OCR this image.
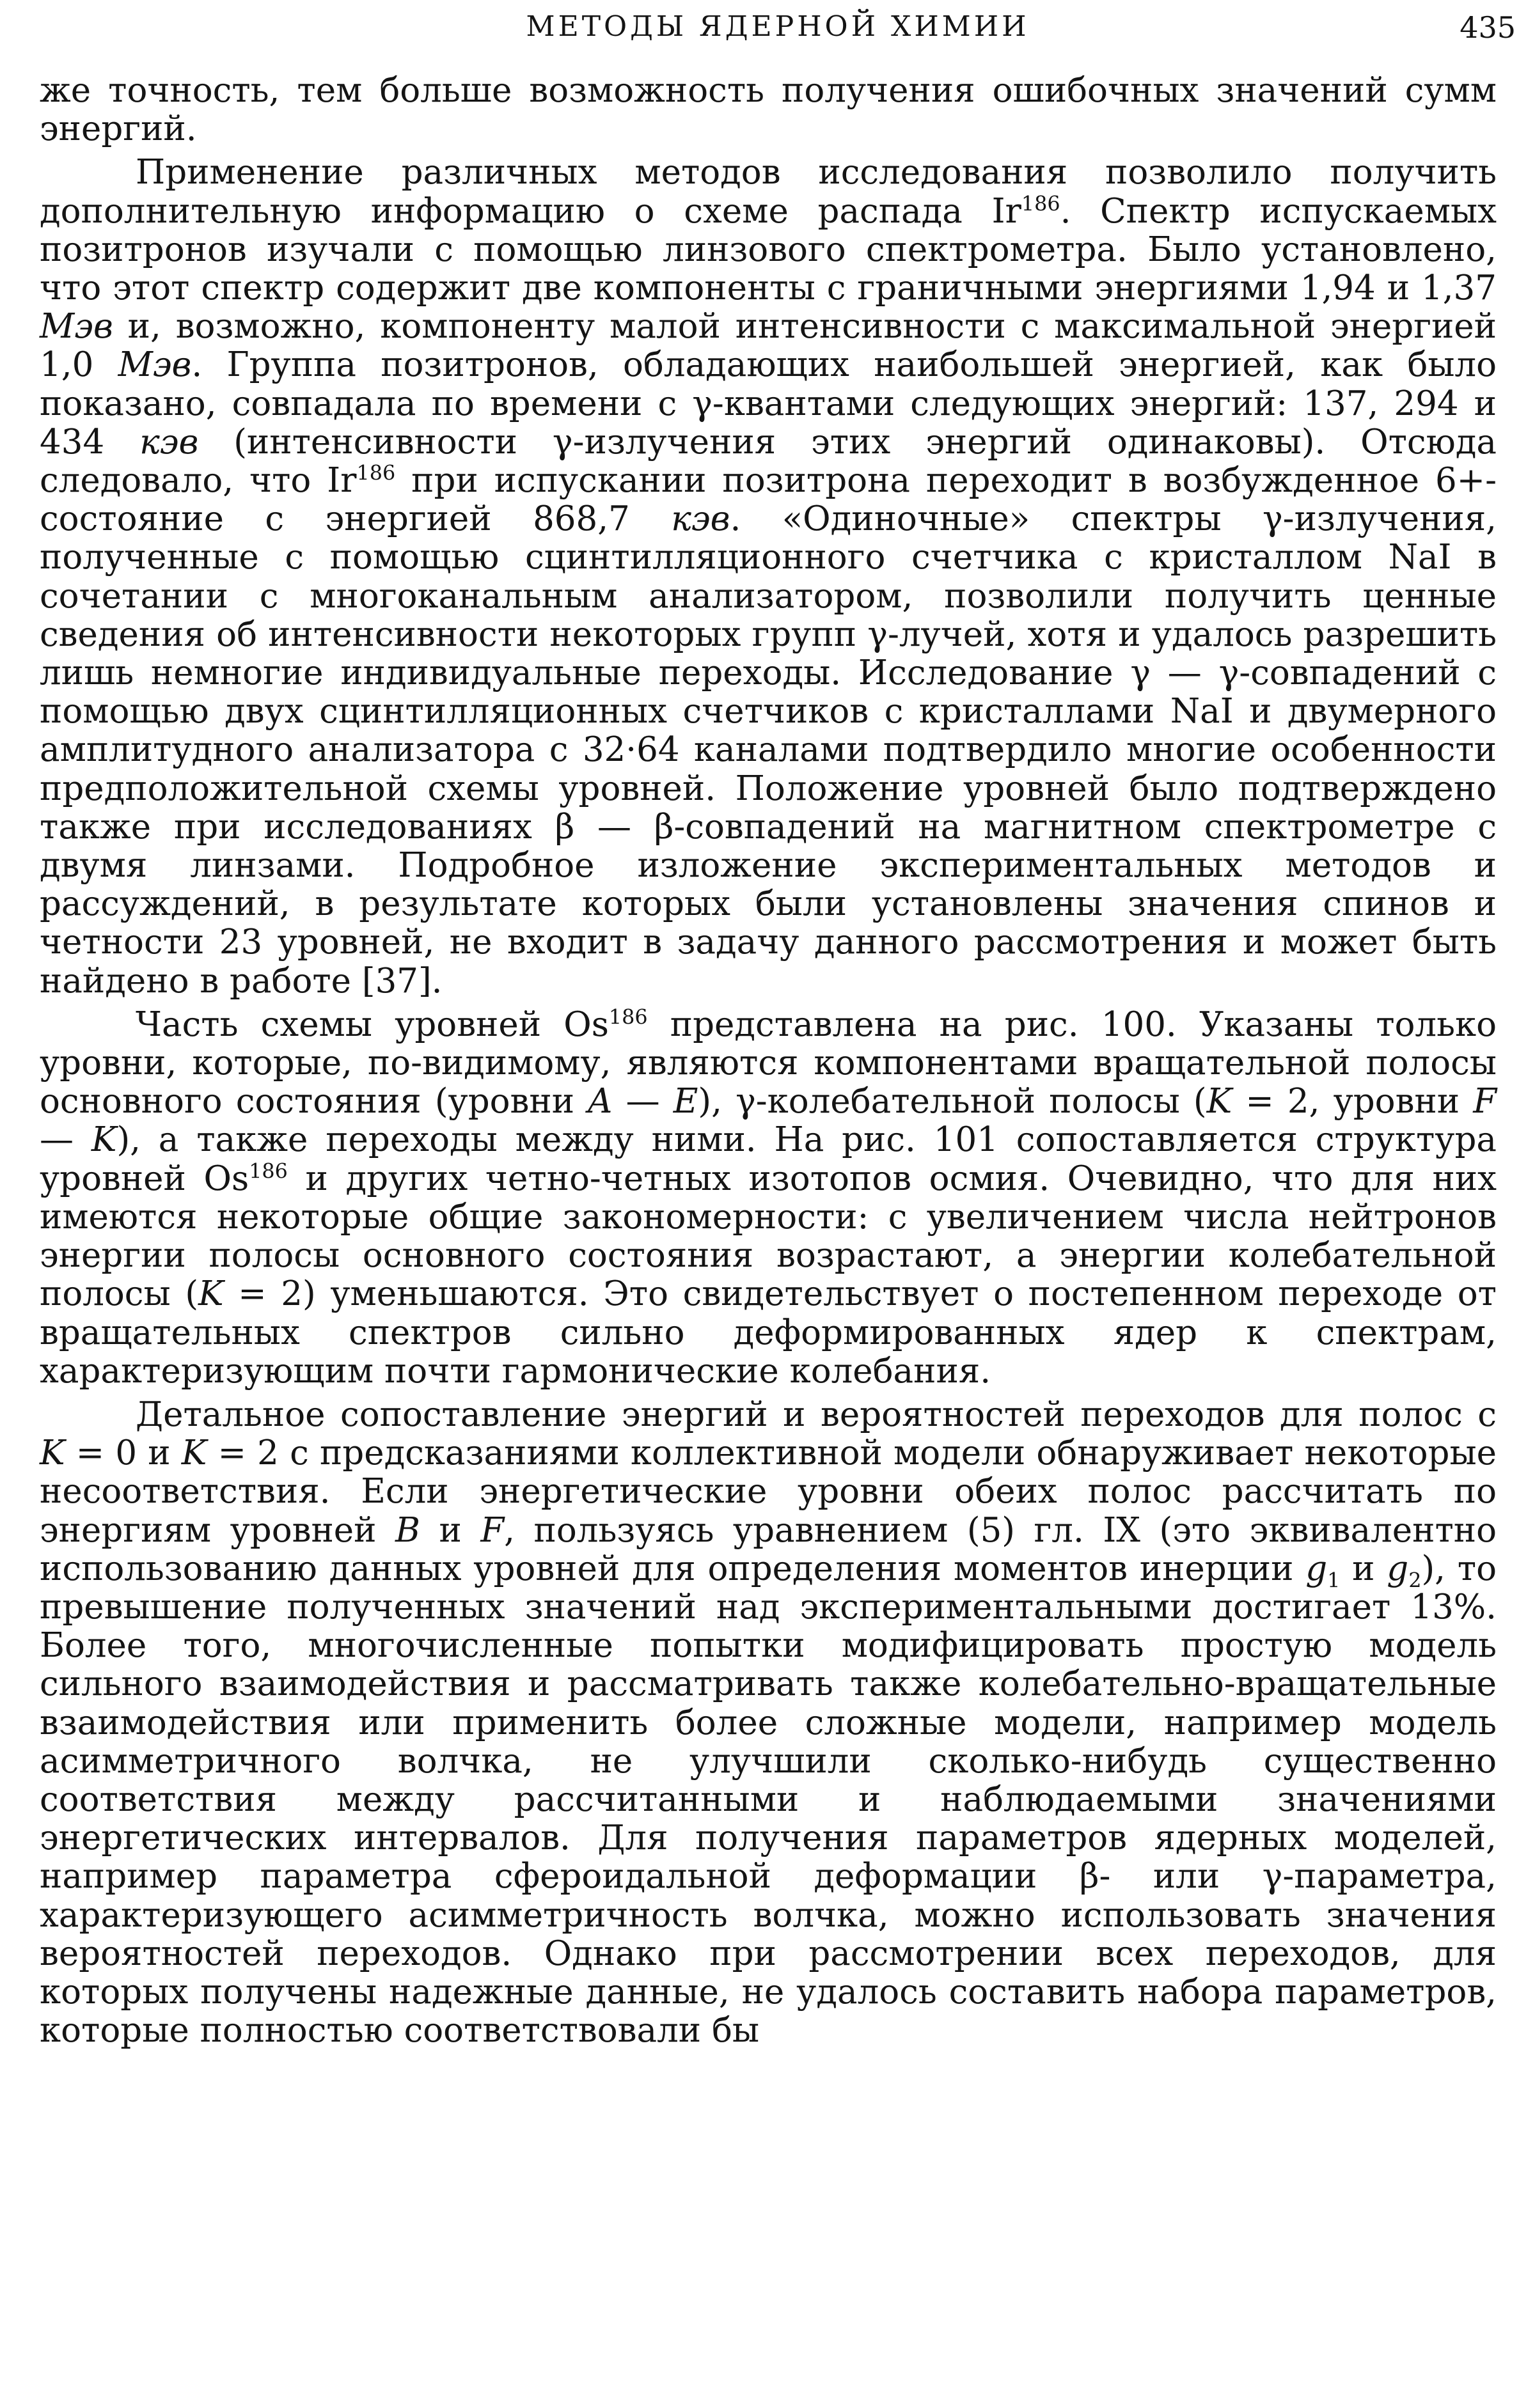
МЕТОДЫ ЯДЕРНОЙ ХИМИИ	435

же точность, тем больше возможность получения ошибочных значений сумм энергий.

Применение различных методов исследования позволило получить дополнительную информацию о схеме распада Ir$^{186}$. Спектр испускаемых позитронов изучали с помощью линзового спектрометра. Было установлено, что этот спектр содержит две компоненты с граничными энергиями 1,94 и 1,37 Мэв и, возможно, компоненту малой интенсивности с максимальной энергией 1,0 Мэв. Группа позитронов, обладающих наибольшей энергией, как было показано, совпадала по времени с γ-квантами следующих энергий: 137, 294 и 434 кэв (интенсивности γ-излучения этих энергий одинаковы). Отсюда следовало, что Ir$^{186}$ при испускании позитрона переходит в возбужденное 6+-состояние с энергией 868,7 кэв. «Одиночные» спектры γ-излучения, полученные с помощью сцинтилляционного счетчика с кристаллом NaI в сочетании с многоканальным анализатором, позволили получить ценные сведения об интенсивности некоторых групп γ-лучей, хотя и удалось разрешить лишь немногие индивидуальные переходы. Исследование γ — γ-совпадений с помощью двух сцинтилляционных счетчиков с кристаллами NaI и двумерного амплитудного анализатора с 32·64 каналами подтвердило многие особенности предположительной схемы уровней. Положение уровней было подтверждено также при исследованиях β — β-совпадений на магнитном спектрометре с двумя линзами. Подробное изложение экспериментальных методов и рассуждений, в результате которых были установлены значения спинов и четности 23 уровней, не входит в задачу данного рассмотрения и может быть найдено в работе [37].

Часть схемы уровней Os$^{186}$ представлена на рис. 100. Указаны только уровни, которые, по-видимому, являются компонентами вращательной полосы основного состояния (уровни A — E), γ-колебательной полосы (K = 2, уровни F — K), а также переходы между ними. На рис. 101 сопоставляется структура уровней Os$^{186}$ и других четно-четных изотопов осмия. Очевидно, что для них имеются некоторые общие закономерности: с увеличением числа нейтронов энергии полосы основного состояния возрастают, а энергии колебательной полосы (K = 2) уменьшаются. Это свидетельствует о постепенном переходе от вращательных спектров сильно деформированных ядер к спектрам, характеризующим почти гармонические колебания.

Детальное сопоставление энергий и вероятностей переходов для полос с K = 0 и K = 2 с предсказаниями коллективной модели обнаруживает некоторые несоответствия. Если энергетические уровни обеих полос рассчитать по энергиям уровней B и F, пользуясь уравнением (5) гл. IX (это эквивалентно использованию данных уровней для определения моментов инерции $g_1$ и $g_2$), то превышение полученных значений над экспериментальными достигает 13%. Более того, многочисленные попытки модифицировать простую модель сильного взаимодействия и рассматривать также колебательно-вращательные взаимодействия или применить более сложные модели, например модель асимметричного волчка, не улучшили сколько-нибудь существенно соответствия между рассчитанными и наблюдаемыми значениями энергетических интервалов. Для получения параметров ядерных моделей, например параметра сфероидальной деформации β- или γ-параметра, характеризующего асимметричность волчка, можно использовать значения вероятностей переходов. Однако при рассмотрении всех переходов, для которых получены надежные данные, не удалось составить набора параметров, которые полностью соответствовали бы
